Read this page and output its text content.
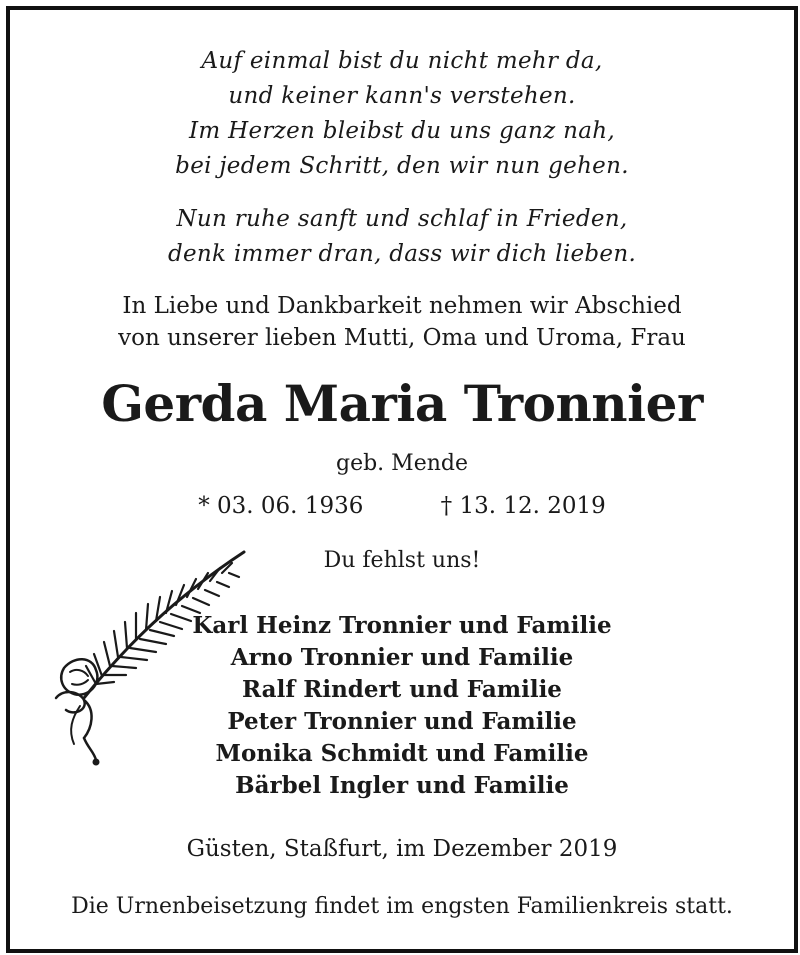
Auf einmal bist du nicht mehr da,
und keiner kann's verstehen.
Im Herzen bleibst du uns ganz nah,
bei jedem Schritt, den wir nun gehen.
Nun ruhe sanft und schlaf in Frieden,
denk immer dran, dass wir dich lieben.
In Liebe und Dankbarkeit nehmen wir Abschied
von unserer lieben Mutti, Oma und Uroma, Frau
Gerda Maria Tronnier
geb. Mende
* 03. 06. 1936	† 13. 12. 2019
Du fehlst uns!
Karl Heinz Tronnier und Familie
Arno Tronnier und Familie
Ralf Rindert und Familie
Peter Tronnier und Familie
Monika Schmidt und Familie
Bärbel Ingler und Familie
Güsten, Staßfurt, im Dezember 2019
Die Urnenbeisetzung findet im engsten Familienkreis statt.
